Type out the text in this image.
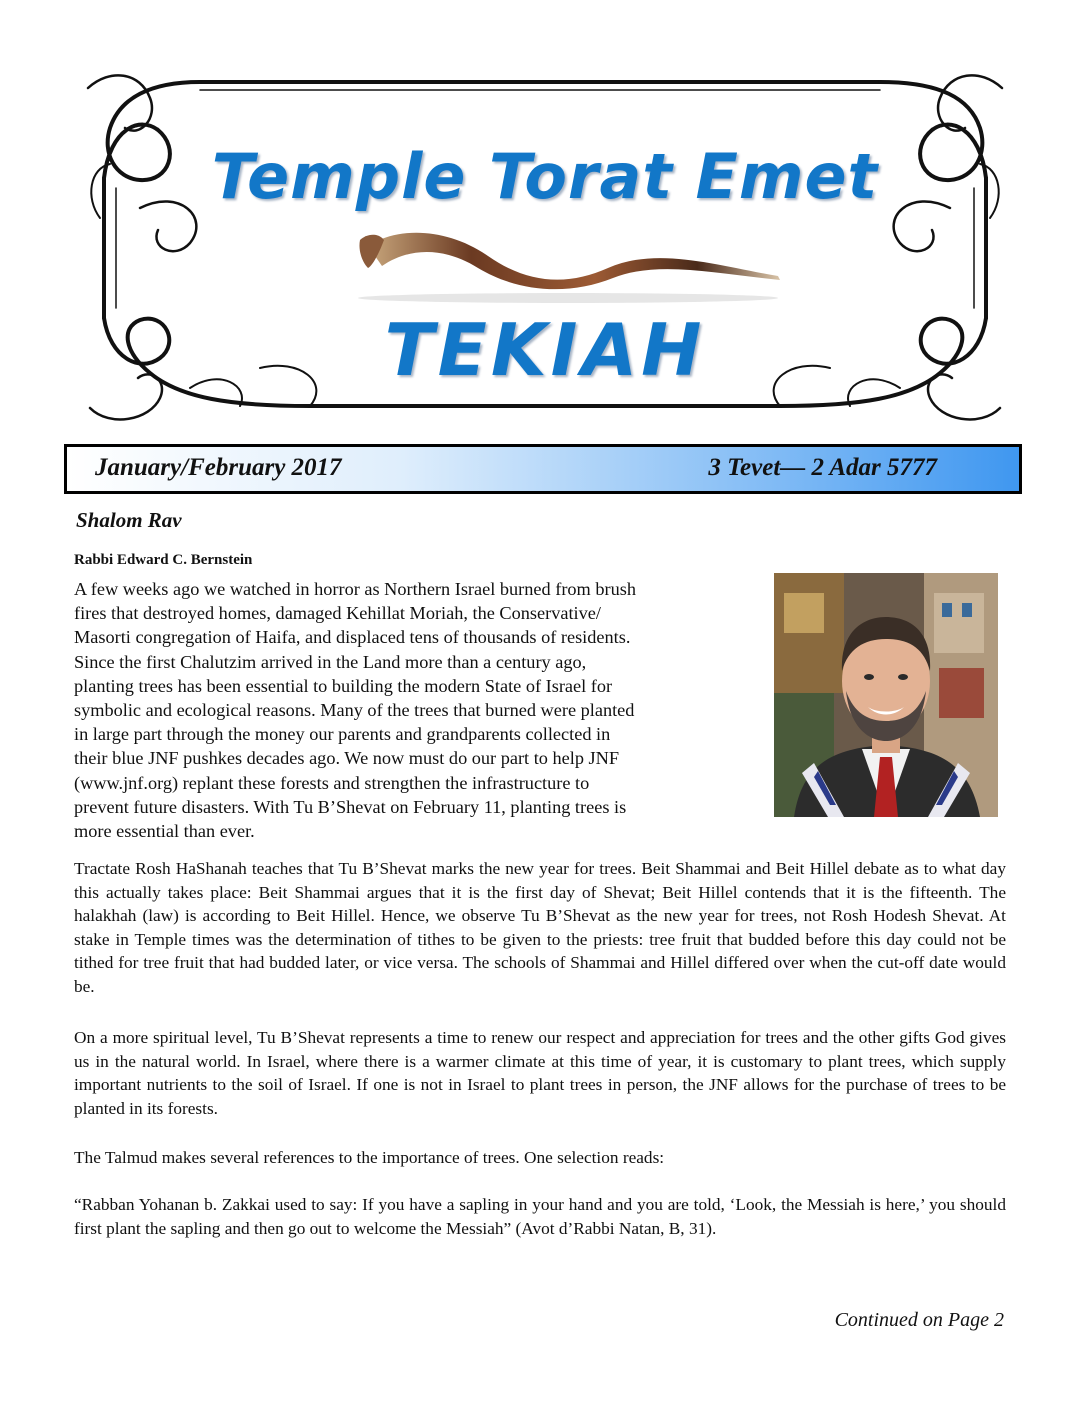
Temple Torat Emet
TEKIAH
January/February 2017	3 Tevet— 2 Adar 5777
Shalom Rav
Rabbi Edward C. Bernstein
A few weeks ago we watched in horror as Northern Israel burned from brush
fires that destroyed homes, damaged Kehillat Moriah, the Conservative/
Masorti congregation of Haifa, and displaced tens of thousands of residents.
Since the first Chalutzim arrived in the Land more than a century ago,
planting trees has been essential to building the modern State of Israel for
symbolic and ecological reasons. Many of the trees that burned were planted
in large part through the money our parents and grandparents collected in
their blue JNF pushkes decades ago. We now must do our part to help JNF
(www.jnf.org) replant these forests and strengthen the infrastructure to
prevent future disasters. With Tu B’Shevat on February 11, planting trees is
more essential than ever.
Tractate Rosh HaShanah teaches that Tu B’Shevat marks the new year for trees. Beit Shammai and Beit Hillel debate as to what day this actually takes place: Beit Shammai argues that it is the first day of Shevat; Beit Hillel contends that it is the fifteenth. The halakhah (law) is according to Beit Hillel. Hence, we observe Tu B’Shevat as the new year for trees, not Rosh Hodesh Shevat. At stake in Temple times was the determination of tithes to be given to the priests: tree fruit that budded before this day could not be tithed for tree fruit that had budded later, or vice versa. The schools of Shammai and Hillel differed over when the cut-off date would be.
On a more spiritual level, Tu B’Shevat represents a time to renew our respect and appreciation for trees and the other gifts God gives us in the natural world. In Israel, where there is a warmer climate at this time of year, it is customary to plant trees, which supply important nutrients to the soil of Israel. If one is not in Israel to plant trees in person, the JNF allows for the purchase of trees to be planted in its forests.
The Talmud makes several references to the importance of trees. One selection reads:
“Rabban Yohanan b. Zakkai used to say: If you have a sapling in your hand and you are told, ‘Look, the Messiah is here,’ you should first plant the sapling and then go out to welcome the Messiah” (Avot d’Rabbi Natan, B, 31).
Continued on Page 2
